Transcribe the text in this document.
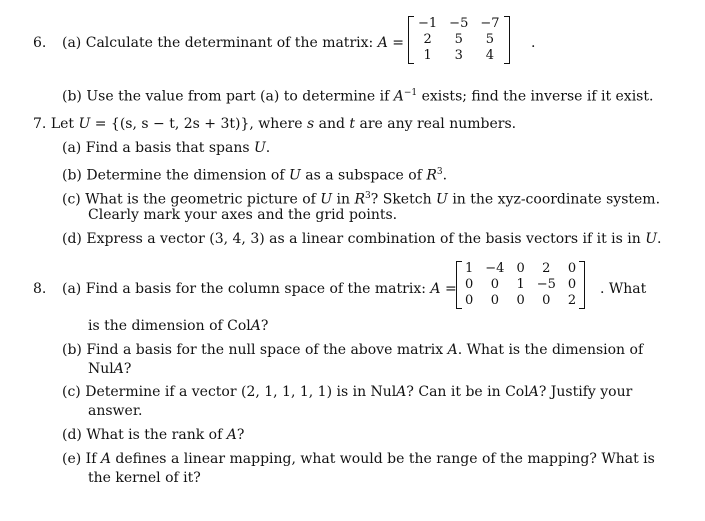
6. (a) Calculate the determinant of the matrix: A =
−1	−5	−7
2	5	5
1	3	4
.
(b) Use the value from part (a) to determine if $A^{-1}$ exists; find the inverse if it exist.
7. Let U = {(s, s − t, 2s + 3t)}, where s and t are any real numbers.
(a) Find a basis that spans U.
(b) Determine the dimension of U as a subspace of $R^3$.
(c) What is the geometric picture of U in $R^3$? Sketch U in the xyz-coordinate system.
Clearly mark your axes and the grid points.
(d) Express a vector (3, 4, 3) as a linear combination of the basis vectors if it is in U.
8. (a) Find a basis for the column space of the matrix: A =
1	−4	0	2	0
0	0	1	−5	0
0	0	0	0	2
. What
is the dimension of ColA?
(b) Find a basis for the null space of the above matrix A. What is the dimension of
NulA?
(c) Determine if a vector (2, 1, 1, 1, 1) is in NulA? Can it be in ColA? Justify your
answer.
(d) What is the rank of A?
(e) If A defines a linear mapping, what would be the range of the mapping? What is
the kernel of it?
